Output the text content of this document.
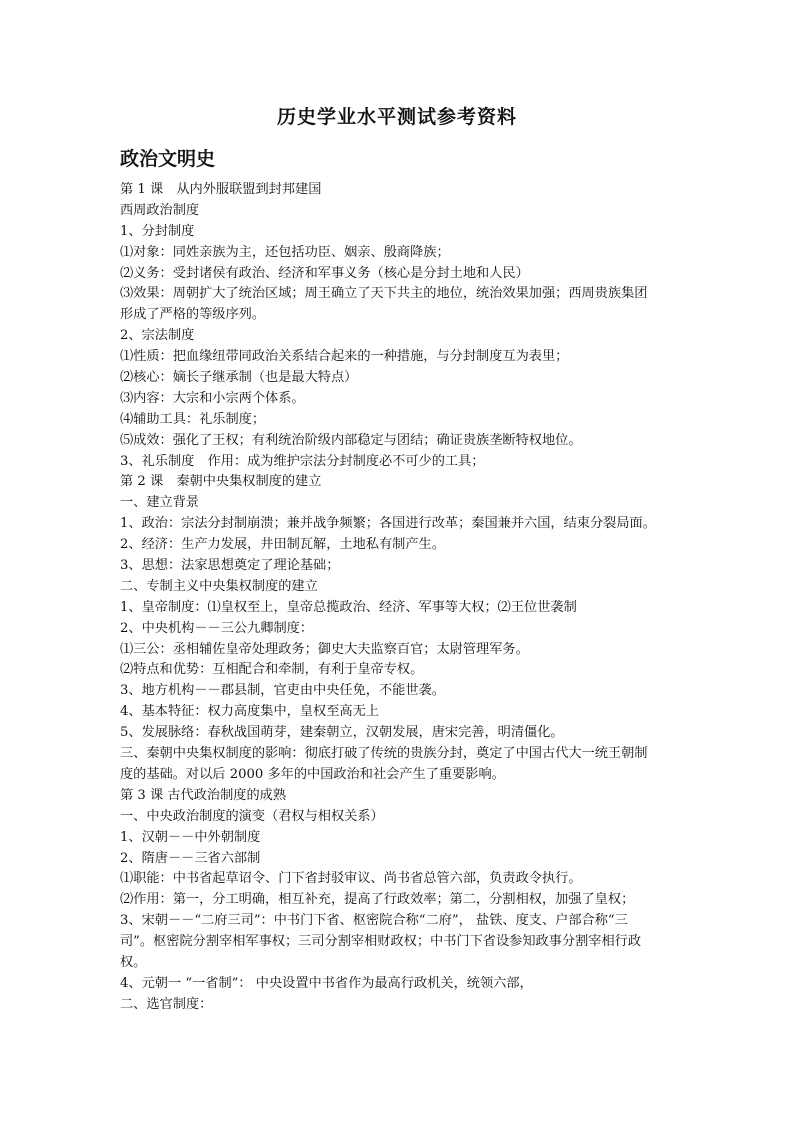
历史学业水平测试参考资料
政治文明史
第 1 课　从内外服联盟到封邦建国
西周政治制度
1、分封制度
⑴对象：同姓亲族为主，还包括功臣、姻亲、殷商降族；
⑵义务：受封诸侯有政治、经济和军事义务（核心是分封土地和人民）
⑶效果：周朝扩大了统治区域；周王确立了天下共主的地位，统治效果加强；西周贵族集团
形成了严格的等级序列。
2、宗法制度
⑴性质：把血缘纽带同政治关系结合起来的一种措施，与分封制度互为表里；
⑵核心：嫡长子继承制（也是最大特点）
⑶内容：大宗和小宗两个体系。
⑷辅助工具：礼乐制度；
⑸成效：强化了王权；有利统治阶级内部稳定与团结；确证贵族垄断特权地位。
3、礼乐制度　作用：成为维护宗法分封制度必不可少的工具；
第 2 课　秦朝中央集权制度的建立
一、建立背景
1、政治：宗法分封制崩溃；兼并战争频繁；各国进行改革；秦国兼并六国，结束分裂局面。
2、经济：生产力发展，井田制瓦解，土地私有制产生。
3、思想：法家思想奠定了理论基础；
二、专制主义中央集权制度的建立
1、皇帝制度：⑴皇权至上，皇帝总揽政治、经济、军事等大权；⑵王位世袭制
2、中央机构－－三公九卿制度：
⑴三公：丞相辅佐皇帝处理政务；御史大夫监察百官；太尉管理军务。
⑵特点和优势：互相配合和牵制，有利于皇帝专权。
3、地方机构－－郡县制，官吏由中央任免，不能世袭。
4、基本特征：权力高度集中，皇权至高无上
5、发展脉络：春秋战国萌芽，建秦朝立，汉朝发展，唐宋完善，明清僵化。
三、秦朝中央集权制度的影响：彻底打破了传统的贵族分封，奠定了中国古代大一统王朝制
度的基础。对以后 2000 多年的中国政治和社会产生了重要影响。
第 3 课 古代政治制度的成熟
一、中央政治制度的演变（君权与相权关系）
1、汉朝－－中外朝制度
2、隋唐－－三省六部制
⑴职能：中书省起草诏令、门下省封驳审议、尚书省总管六部，负责政令执行。
⑵作用：第一，分工明确，相互补充，提高了行政效率；第二，分割相权，加强了皇权；
3、宋朝－－“二府三司”：中书门下省、枢密院合称“二府”， 盐铁、度支、户部合称“三
司”。枢密院分割宰相军事权；三司分割宰相财政权；中书门下省设参知政事分割宰相行政
权。
4、元朝一 “一省制”： 中央设置中书省作为最高行政机关，统领六部，
二、选官制度：
